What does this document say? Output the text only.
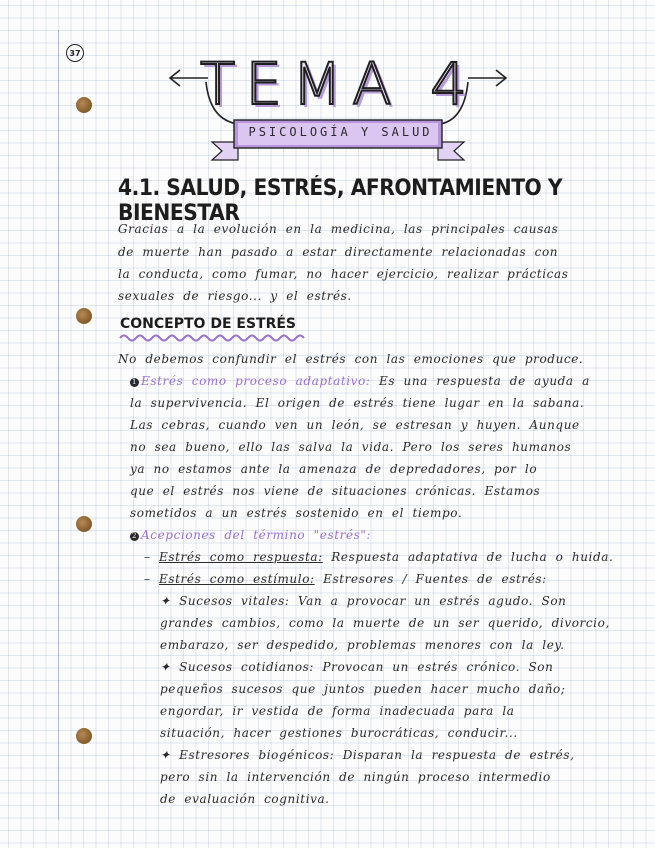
37 TEMA 4
PSICOLOGÍA Y SALUD
4.1. SALUD, ESTRÉS, AFRONTAMIENTO Y BIENESTAR
Gracias a la evolución en la medicina, las principales causas
de muerte han pasado a estar directamente relacionadas con
la conducta, como fumar, no hacer ejercicio, realizar prácticas
sexuales de riesgo... y el estrés.
CONCEPTO DE ESTRÉS
No debemos confundir el estrés con las emociones que produce.
1 Estrés como proceso adaptativo: Es una respuesta de ayuda a
la supervivencia. El origen de estrés tiene lugar en la sabana.
Las cebras, cuando ven un león, se estresan y huyen. Aunque
no sea bueno, ello las salva la vida. Pero los seres humanos
ya no estamos ante la amenaza de depredadores, por lo
que el estrés nos viene de situaciones crónicas. Estamos
sometidos a un estrés sostenido en el tiempo.
2 Acepciones del término "estrés":
– Estrés como respuesta: Respuesta adaptativa de lucha o huida.
– Estrés como estímulo: Estresores / Fuentes de estrés:
✦ Sucesos vitales: Van a provocar un estrés agudo. Son
grandes cambios, como la muerte de un ser querido, divorcio,
embarazo, ser despedido, problemas menores con la ley.
✦ Sucesos cotidianos: Provocan un estrés crónico. Son
pequeños sucesos que juntos pueden hacer mucho daño;
engordar, ir vestida de forma inadecuada para la
situación, hacer gestiones burocráticas, conducir...
✦ Estresores biogénicos: Disparan la respuesta de estrés,
pero sin la intervención de ningún proceso intermedio
de evaluación cognitiva.
